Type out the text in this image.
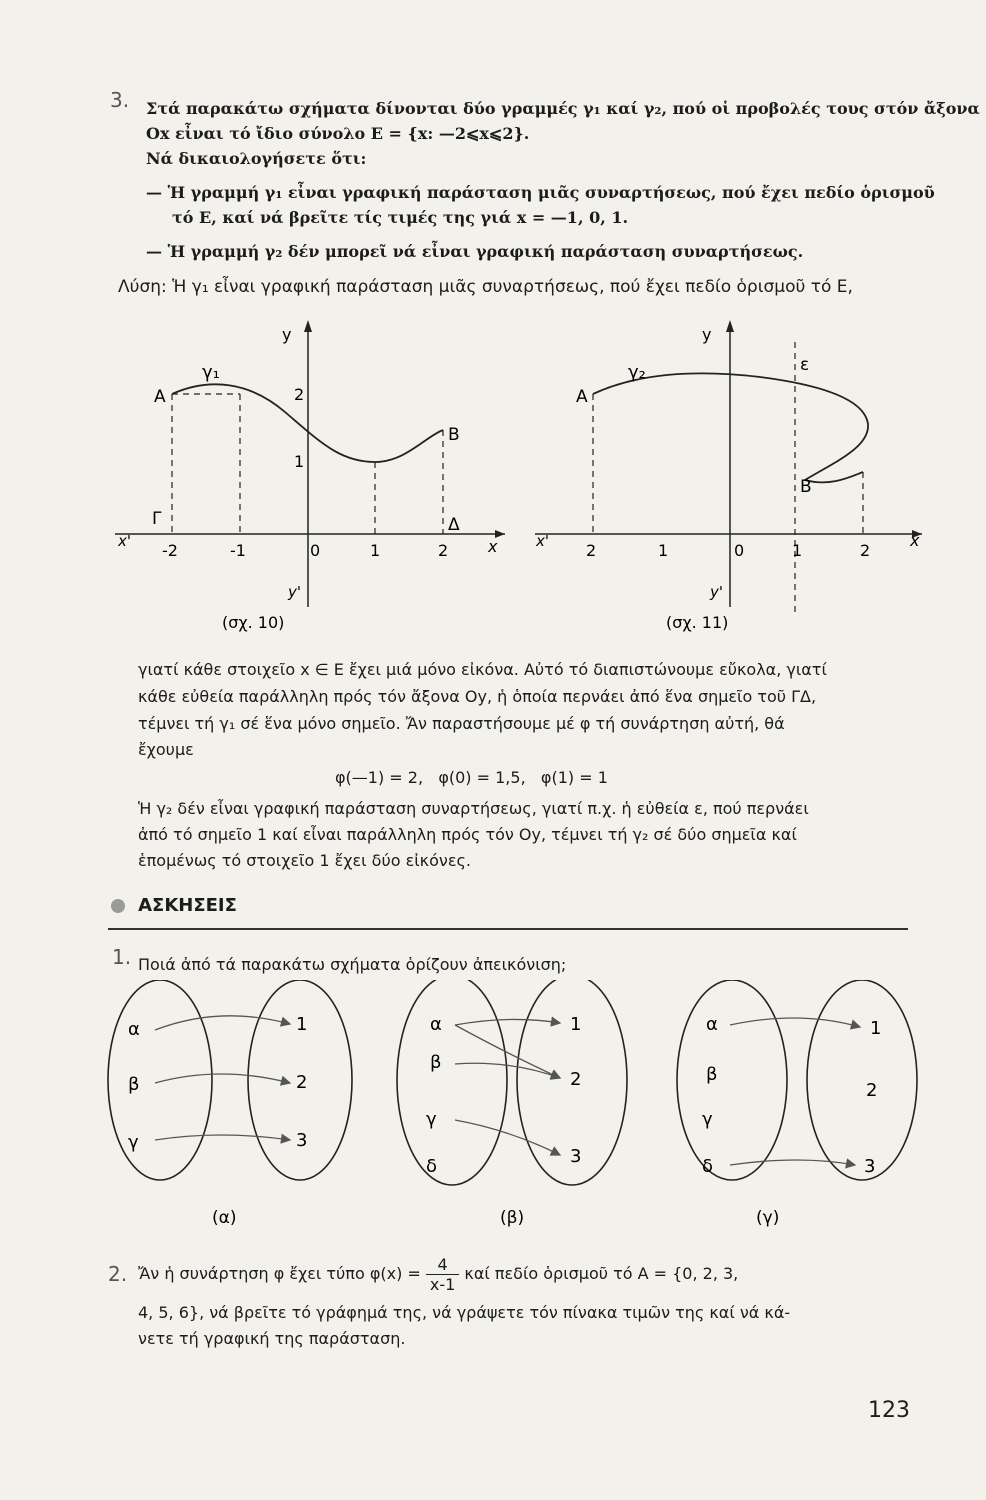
3. Στά παρακάτω σχήματα δίνονται δύο γραμμές γ₁ καί γ₂, πού οἱ προβολές τους στόν ἄξονα
Ox εἶναι τό ἴδιο σύνολο E = {x: —2⩽x⩽2}.
Νά δικαιολογήσετε ὅτι:
— Ἡ γραμμή γ₁ εἶναι γραφική παράσταση μιᾶς συναρτήσεως, πού ἔχει πεδίο ὁρισμοῦ
τό E, καί νά βρεῖτε τίς τιμές της γιά x = —1, 0, 1.
— Ἡ γραμμή γ₂ δέν μπορεῖ νά εἶναι γραφική παράσταση συναρτήσεως.
Λύση: Ἡ γ₁ εἶναι γραφική παράσταση μιᾶς συναρτήσεως, πού ἔχει πεδίο ὁρισμοῦ τό E,
y
γ₁
A
B
Γ	Δ
2
1
x' -2	-1	0	1	2 x
y'
(σχ. 10)
y
γ₂
A
B
ε
x' 2	1	0	1	2
x
y'
(σχ. 11)
γιατί κάθε στοιχεῖο x ∈ E ἔχει μιά μόνο εἰκόνα. Αὐτό τό διαπιστώνουμε εὔκολα, γιατί
κάθε εὐθεία παράλληλη πρός τόν ἄξονα Oy, ἡ ὁποία περνάει ἀπό ἕνα σημεῖο τοῦ ΓΔ,
τέμνει τή γ₁ σέ ἕνα μόνο σημεῖο. Ἄν παραστήσουμε μέ φ τή συνάρτηση αὐτή, θά
ἔχουμε
φ(—1) = 2,   φ(0) = 1,5,   φ(1) = 1
Ἡ γ₂ δέν εἶναι γραφική παράσταση συναρτήσεως, γιατί π.χ. ἡ εὐθεία ε, πού περνάει
ἀπό τό σημεῖο 1 καί εἶναι παράλληλη πρός τόν Oy, τέμνει τή γ₂ σέ δύο σημεῖα καί
ἑπομένως τό στοιχεῖο 1 ἔχει δύο εἰκόνες.
ΑΣΚΗΣΕΙΣ
1. Ποιά ἀπό τά παρακάτω σχήματα ὁρίζουν ἀπεικόνιση;
α
β
γ
1
2
3
(α)
α
β
γ
δ
1
2
3
(β)
α
β
γ
δ
1
2
3
(γ)
2. Ἄν ἡ συνάρτηση φ ἔχει τύπο $\varphi(x) = \frac{4}{x-1}$ καί πεδίο ὁρισμοῦ τό A = {0, 2, 3,
4, 5, 6}, νά βρεῖτε τό γράφημά της, νά γράψετε τόν πίνακα τιμῶν της καί νά κά-
νετε τή γραφική της παράσταση.
123
